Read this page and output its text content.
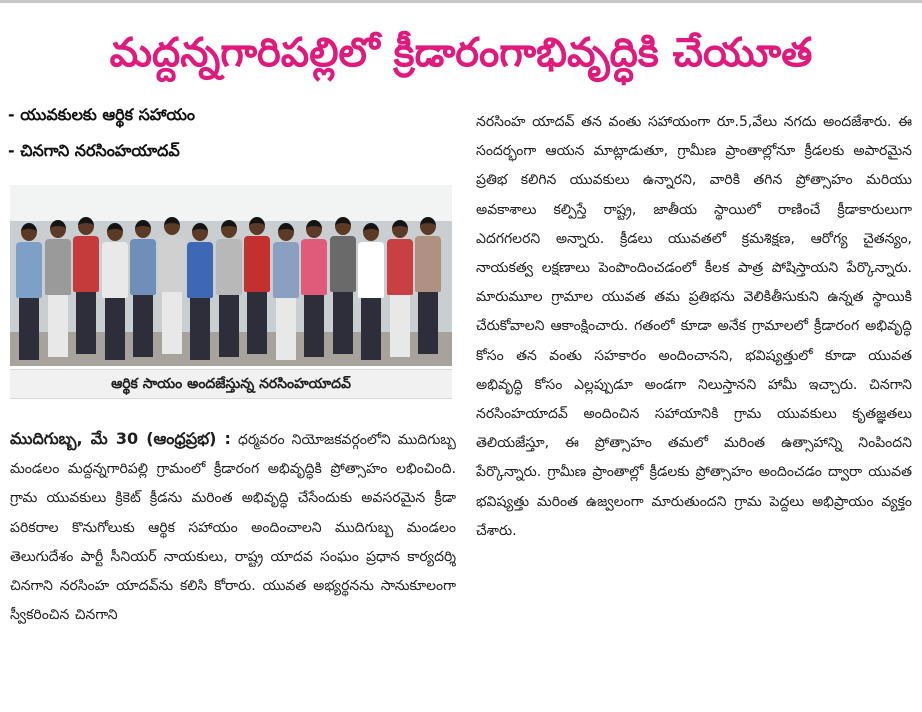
మద్దన్నగారిపల్లిలో క్రీడారంగాభివృద్ధికి చేయూత
- యువకులకు ఆర్థిక సహాయం
- చినగాని నరసింహయాదవ్
ఆర్థిక సాయం అందజేస్తున్న నరసింహయాదవ్

ముదిగుబ్బ, మే 30 (ఆంధ్రప్రభ) : ధర్మవరం నియోజకవర్గంలోని ముదిగుబ్బ మండలం మద్దన్నగారిపల్లి గ్రామంలో క్రీడారంగ అభివృద్ధికి ప్రోత్సాహం లభించింది. గ్రామ యువకులు క్రికెట్ క్రీడను మరింత అభివృద్ధి చేసేందుకు అవసరమైన క్రీడా పరికరాల కొనుగోలుకు ఆర్థిక సహాయం అందించాలని ముదిగుబ్బ మండలం తెలుగుదేశం పార్టీ సీనియర్ నాయకులు, రాష్ట్ర యాదవ సంఘం ప్రధాన కార్యదర్శి చినగాని నరసింహ యాదవ్‌ను కలిసి కోరారు. యువత అభ్యర్థనను సానుకూలంగా స్వీకరించిన చినగాని

నరసింహ యాదవ్ తన వంతు సహాయంగా రూ.5,వేలు నగదు అందజేశారు. ఈ సందర్భంగా ఆయన మాట్లాడుతూ, గ్రామీణ ప్రాంతాల్లోనూ క్రీడలకు అపారమైన ప్రతిభ కలిగిన యువకులు ఉన్నారని, వారికి తగిన ప్రోత్సాహం మరియు అవకాశాలు కల్పిస్తే రాష్ట్ర, జాతీయ స్థాయిలో రాణించే క్రీడాకారులుగా ఎదగగలరని అన్నారు. క్రీడలు యువతలో క్రమశిక్షణ, ఆరోగ్య చైతన్యం, నాయకత్వ లక్షణాలు పెంపొందించడంలో కీలక పాత్ర పోషిస్తాయని పేర్కొన్నారు. మారుమూల గ్రామాల యువత తమ ప్రతిభను వెలికితీసుకుని ఉన్నత స్థాయికి చేరుకోవాలని ఆకాంక్షించారు. గతంలో కూడా అనేక గ్రామాలలో క్రీడారంగ అభివృద్ధి కోసం తన వంతు సహకారం అందించానని, భవిష్యత్తులో కూడా యువత అభివృద్ధి కోసం ఎల్లప్పుడూ అండగా నిలుస్తానని హామీ ఇచ్చారు. చినగాని నరసింహయాదవ్ అందించిన సహాయానికి గ్రామ యువకులు కృతజ్ఞతలు తెలియజేస్తూ, ఈ ప్రోత్సాహం తమలో మరింత ఉత్సాహాన్ని నింపిందని పేర్కొన్నారు. గ్రామీణ ప్రాంతాల్లో క్రీడలకు ప్రోత్సాహం అందించడం ద్వారా యువత భవిష్యత్తు మరింత ఉజ్వలంగా మారుతుందని గ్రామ పెద్దలు అభిప్రాయం వ్యక్తం చేశారు.
